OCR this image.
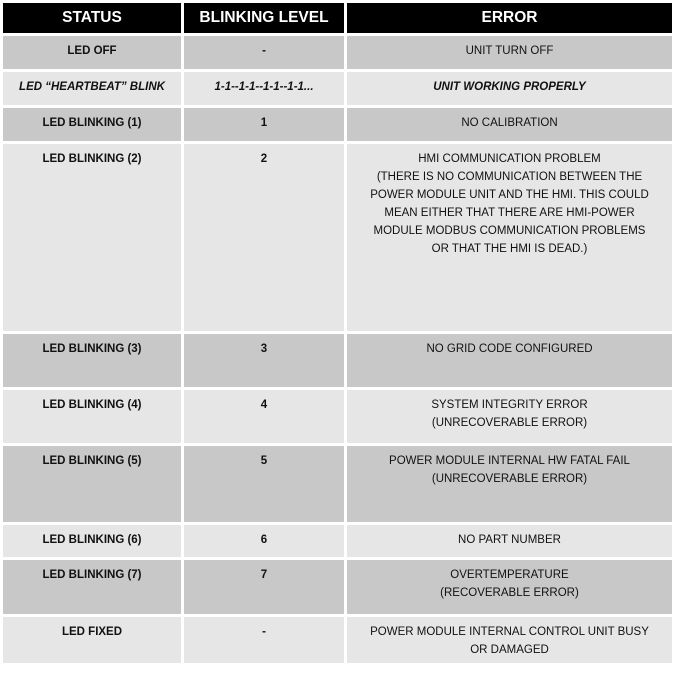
STATUS	BLINKING LEVEL	ERROR
LED OFF	-	UNIT TURN OFF
LED “HEARTBEAT” BLINK	1-1--1-1--1-1--1-1...	UNIT WORKING PROPERLY
LED BLINKING (1)	1	NO CALIBRATION
LED BLINKING (2)	2	HMI COMMUNICATION PROBLEM
(THERE IS NO COMMUNICATION BETWEEN THE
POWER MODULE UNIT AND THE HMI. THIS COULD
MEAN EITHER THAT THERE ARE HMI-POWER
MODULE MODBUS COMMUNICATION PROBLEMS
OR THAT THE HMI IS DEAD.)
LED BLINKING (3)	3	NO GRID CODE CONFIGURED
LED BLINKING (4)	4	SYSTEM INTEGRITY ERROR
(UNRECOVERABLE ERROR)
LED BLINKING (5)	5	POWER MODULE INTERNAL HW FATAL FAIL
(UNRECOVERABLE ERROR)
LED BLINKING (6)	6	NO PART NUMBER
LED BLINKING (7)	7	OVERTEMPERATURE
(RECOVERABLE ERROR)
LED FIXED	-	POWER MODULE INTERNAL CONTROL UNIT BUSY
OR DAMAGED
